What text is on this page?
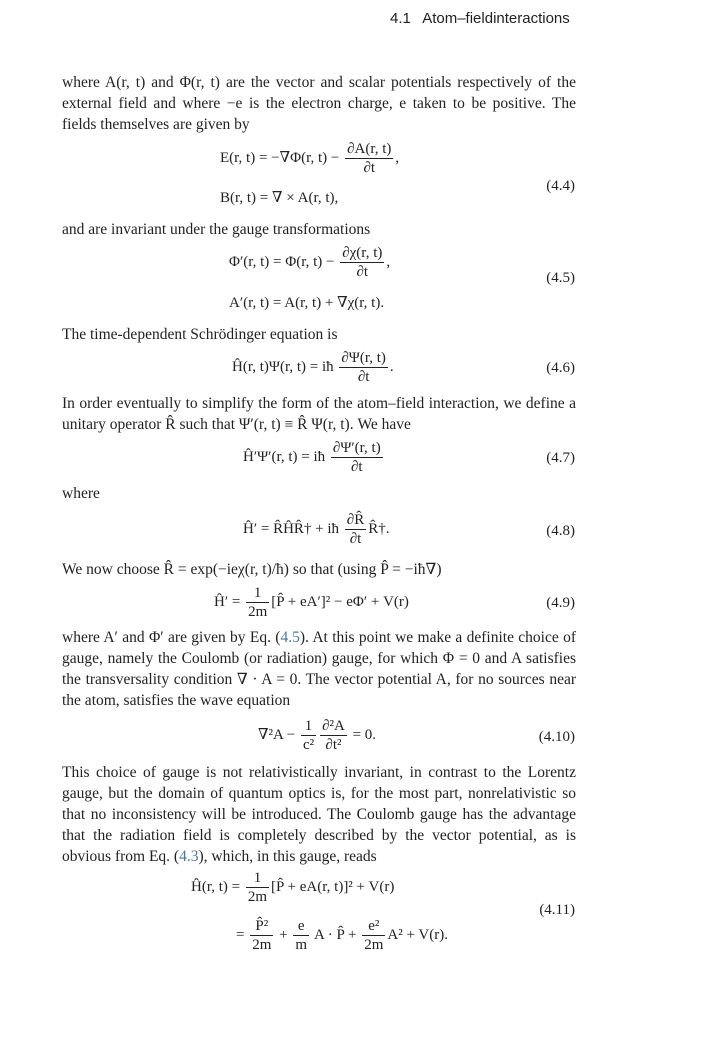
4.1 Atom–fieldinteractions

where A(r, t) and Φ(r, t) are the vector and scalar potentials respectively of the external field and where −e is the electron charge, e taken to be positive. The fields themselves are given by

E(r, t) = −∇Φ(r, $t) - \frac{\partial A(r, t)}{\partial t}$ ,
B(r, t) = ∇ × A(r, t),
(4.4)

and are invariant under the gauge transformations

Φ′(r, t) = Φ(r, $t) - \frac{\partial\chi(r, t)}{\partial t}$ ,
A′(r, t) = A(r, t) + ∇χ(r, t).
(4.5)

The time-dependent Schrödinger equation is

Ĥ(r, t)Ψ(r, t) = iħ $\frac{\partial\Psi(r, t)}{\partial t}$ .	(4.6)

In order eventually to simplify the form of the atom–field interaction, we define a unitary operator R̂ such that Ψ′(r, t) ≡ R̂ Ψ(r, t). We have

Ĥ′Ψ′(r, t) = iħ $\frac{\partial\Psi'(r, t)}{\partial t}$	(4.7)

where

Ĥ′ = R̂ĤR̂† + iħ $\frac{\partial R̂}{\partial t}$ R̂†.	(4.8)

We now choose R̂ = exp(−ieχ(r, t)/ħ) so that (using P̂ = −iħ∇)

Ĥ′ = $\frac{1}{2m}$ [P̂ + eA′]² − eΦ′ + V(r)	(4.9)

where A′ and Φ′ are given by Eq. (4.5). At this point we make a definite choice of gauge, namely the Coulomb (or radiation) gauge, for which Φ = 0 and A satisfies the transversality condition ∇ · A = 0. The vector potential A, for no sources near the atom, satisfies the wave equation

$\nabla^2A - \frac{1}{\text{c²}} \frac{\text{∂²A}}{\text{∂t²}} = 0$.	(4.10)

This choice of gauge is not relativistically invariant, in contrast to the Lorentz gauge, but the domain of quantum optics is, for the most part, nonrelativistic so that no inconsistency will be introduced. The Coulomb gauge has the advantage that the radiation field is completely described by the vector potential, as is obvious from Eq. (4.3), which, in this gauge, reads

Ĥ(r, $t) = \frac{1}{2m}$ [P̂ + eA(r, t)]² + V(r)
= $\frac{\text{P̂²}}{2m} + \frac{e}{m}$ A · P̂ + $\frac{\text{e²}}{2m} A^2 + V(r)$.
(4.11)
